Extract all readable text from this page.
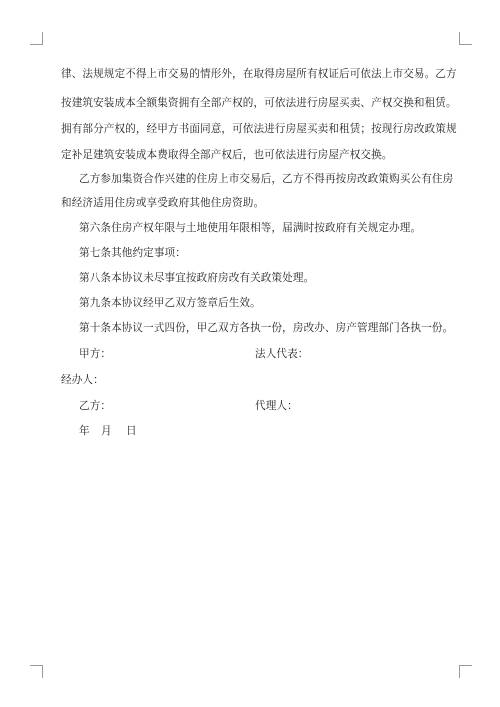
律、法规规定不得上市交易的情形外，在取得房屋所有权证后可依法上市交易。乙方
按建筑安装成本全额集资拥有全部产权的，可依法进行房屋买卖、产权交换和租赁。
拥有部分产权的，经甲方书面同意，可依法进行房屋买卖和租赁；按现行房改政策规
定补足建筑安装成本费取得全部产权后，也可依法进行房屋产权交换。
乙方参加集资合作兴建的住房上市交易后，乙方不得再按房改政策购买公有住房
和经济适用住房或享受政府其他住房资助。
第六条住房产权年限与土地使用年限相等，届满时按政府有关规定办理。
第七条其他约定事项：
第八条本协议未尽事宜按政府房改有关政策处理。
第九条本协议经甲乙双方签章后生效。
第十条本协议一式四份，甲乙双方各执一份，房改办、房产管理部门各执一份。
甲方：	法人代表：
经办人：
乙方：	代理人：
年 月 日
